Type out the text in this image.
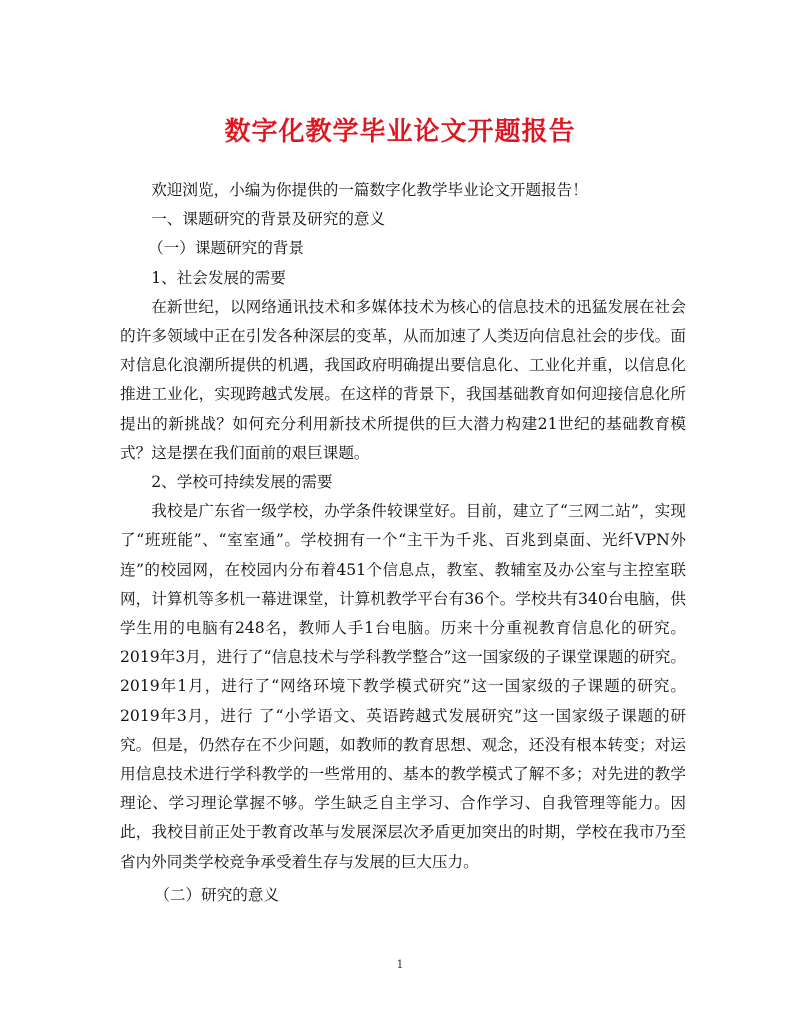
数字化教学毕业论文开题报告

欢迎浏览，小编为你提供的一篇数字化教学毕业论文开题报告！

一、课题研究的背景及研究的意义

（一）课题研究的背景

1、社会发展的需要

在新世纪，以网络通讯技术和多媒体技术为核心的信息技术的迅猛发展在社会的许多领域中正在引发各种深层的变革，从而加速了人类迈向信息社会的步伐。面对信息化浪潮所提供的机遇，我国政府明确提出要信息化、工业化并重，以信息化推进工业化，实现跨越式发展。在这样的背景下，我国基础教育如何迎接信息化所提出的新挑战？如何充分利用新技术所提供的巨大潜力构建21世纪的基础教育模式？这是摆在我们面前的艰巨课题。

2、学校可持续发展的需要

我校是广东省一级学校，办学条件较课堂好。目前，建立了“三网二站”，实现了“班班能”、“室室通”。学校拥有一个“主干为千兆、百兆到桌面、光纤VPN外连”的校园网，在校园内分布着451个信息点，教室、教辅室及办公室与主控室联网，计算机等多机一幕进课堂，计算机教学平台有36个。学校共有340台电脑，供学生用的电脑有248名，教师人手1台电脑。历来十分重视教育信息化的研究。2019年3月，进行了“信息技术与学科教学整合”这一国家级的子课堂课题的研究。2019年1月，进行了“网络环境下教学模式研究”这一国家级的子课题的研究。2019年3月，进行 了“小学语文、英语跨越式发展研究”这一国家级子课题的研究。但是，仍然存在不少问题，如教师的教育思想、观念，还没有根本转变；对运用信息技术进行学科教学的一些常用的、基本的教学模式了解不多；对先进的教学理论、学习理论掌握不够。学生缺乏自主学习、合作学习、自我管理等能力。因此，我校目前正处于教育改革与发展深层次矛盾更加突出的时期，学校在我市乃至省内外同类学校竞争承受着生存与发展的巨大压力。

（二）研究的意义

1
